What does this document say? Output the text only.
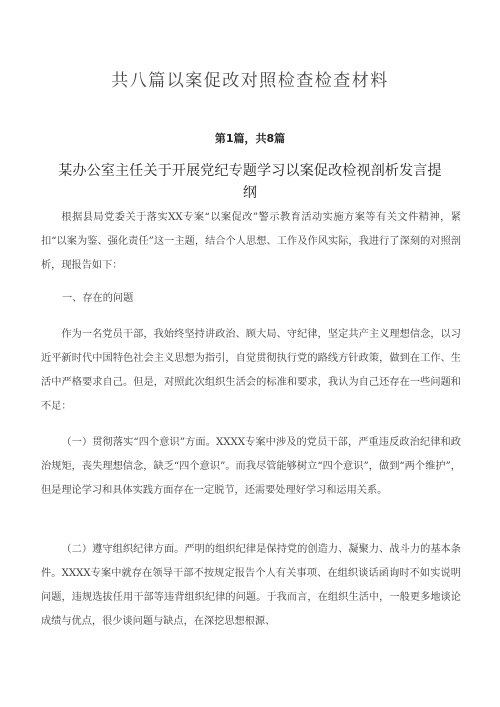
共八篇以案促改对照检查检查材料
第1篇，共8篇
某办公室主任关于开展党纪专题学习以案促改检视剖析发言提纲
根据县局党委关于落实XX专案“以案促改”警示教育活动实施方案等有关文件精神，紧扣“以案为鉴、强化责任”这一主题，结合个人思想、工作及作风实际，我进行了深刻的对照剖析，现报告如下：
一、存在的问题
作为一名党员干部，我始终坚持讲政治、顾大局、守纪律，坚定共产主义理想信念，以习近平新时代中国特色社会主义思想为指引，自觉贯彻执行党的路线方针政策，做到在工作、生活中严格要求自己。但是，对照此次组织生活会的标准和要求，我认为自己还存在一些问题和不足：
（一）贯彻落实“四个意识”方面。XXXX专案中涉及的党员干部，严重违反政治纪律和政治规矩，丧失理想信念，缺乏“四个意识”。而我尽管能够树立“四个意识”，做到“两个维护”，但是理论学习和具体实践方面存在一定脱节，还需要处理好学习和运用关系。
（二）遵守组织纪律方面。严明的组织纪律是保持党的创造力、凝聚力、战斗力的基本条件。XXXX专案中就存在领导干部不按规定报告个人有关事项、在组织谈话函询时不如实说明问题，违规选拔任用干部等违背组织纪律的问题。于我而言，在组织生活中，一般更多地谈论成绩与优点，很少谈问题与缺点，在深挖思想根源、
